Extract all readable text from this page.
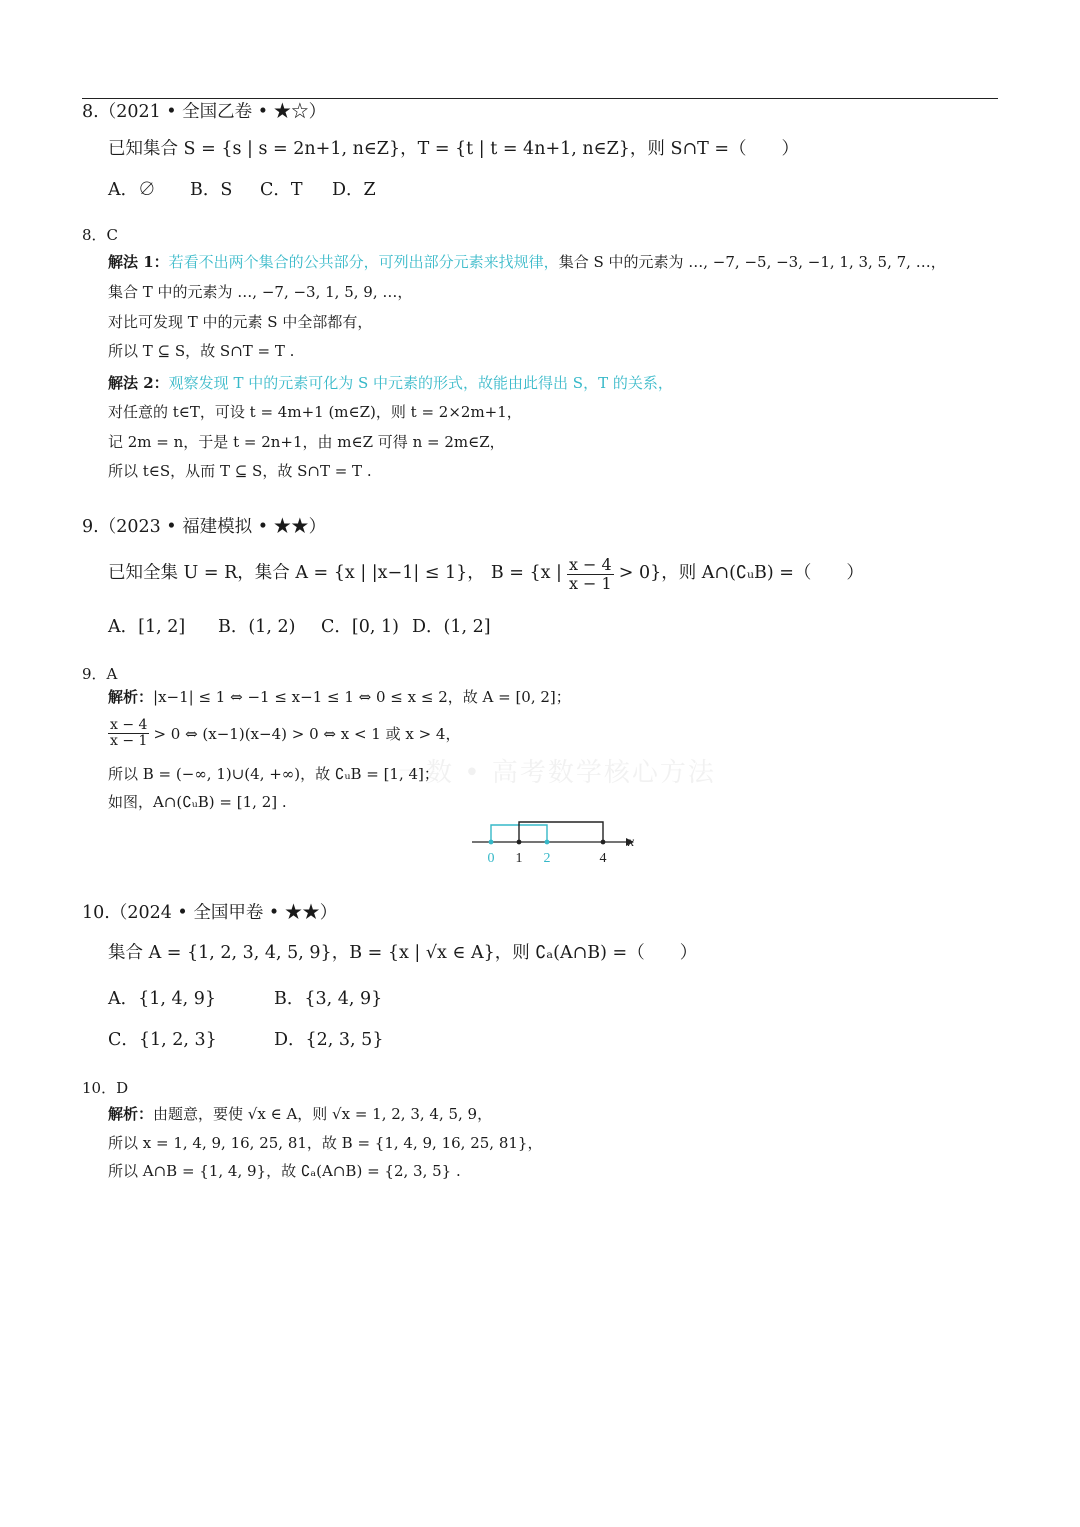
一数 • 高考数学核心方法
8.（2021 • 全国乙卷 • ★☆）
已知集合 S = {s | s = 2n+1, n∈Z}，T = {t | t = 4n+1, n∈Z}，则 S∩T =（　　）
A．∅	B．S	C．T	D．Z
8．C
解法 1：若看不出两个集合的公共部分，可列出部分元素来找规律，集合 S 中的元素为 …, −7, −5, −3, −1, 1, 3, 5, 7, …，
集合 T 中的元素为 …, −7, −3, 1, 5, 9, …，
对比可发现 T 中的元素 S 中全部都有，
所以 T ⊆ S，故 S∩T = T .
解法 2：观察发现 T 中的元素可化为 S 中元素的形式，故能由此得出 S，T 的关系，
对任意的 t∈T，可设 t = 4m+1 (m∈Z)，则 t = 2×2m+1，
记 2m = n，于是 t = 2n+1，由 m∈Z 可得 n = 2m∈Z，
所以 t∈S，从而 T ⊆ S，故 S∩T = T .
9.（2023 • 福建模拟 • ★★）
已知全集 U = R，集合 A = {x | |x−1| ≤ 1}， B = {x | $\frac{x - 4}{x - 1} > 0$}，则 A∩(∁ᵤB) =（　　）
A．[1, 2]	B．(1, 2)	C．[0, 1) D．(1, 2]
9．A
解析：|x−1| ≤ 1 ⇔ −1 ≤ x−1 ≤ 1 ⇔ 0 ≤ x ≤ 2，故 A = [0, 2]；
$\frac{x - 4}{x - 1} > 0$ ⇔ (x−1)(x−4) > 0 ⇔ x < 1 或 x > 4，
所以 B = (−∞, 1)∪(4, +∞)，故 ∁ᵤB = [1, 4]；
如图，A∩(∁ᵤB) = [1, 2] .
x
0 1 2	4
10.（2024 • 全国甲卷 • ★★）
集合 A = {1, 2, 3, 4, 5, 9}，B = {x | √x ∈ A}，则 ∁ₐ(A∩B) =（　　）
A．{1, 4, 9}	B．{3, 4, 9}
C．{1, 2, 3}	D．{2, 3, 5}
10．D
解析：由题意，要使 √x ∈ A，则 √x = 1, 2, 3, 4, 5, 9，
所以 x = 1, 4, 9, 16, 25, 81，故 B = {1, 4, 9, 16, 25, 81}，
所以 A∩B = {1, 4, 9}，故 ∁ₐ(A∩B) = {2, 3, 5} .
